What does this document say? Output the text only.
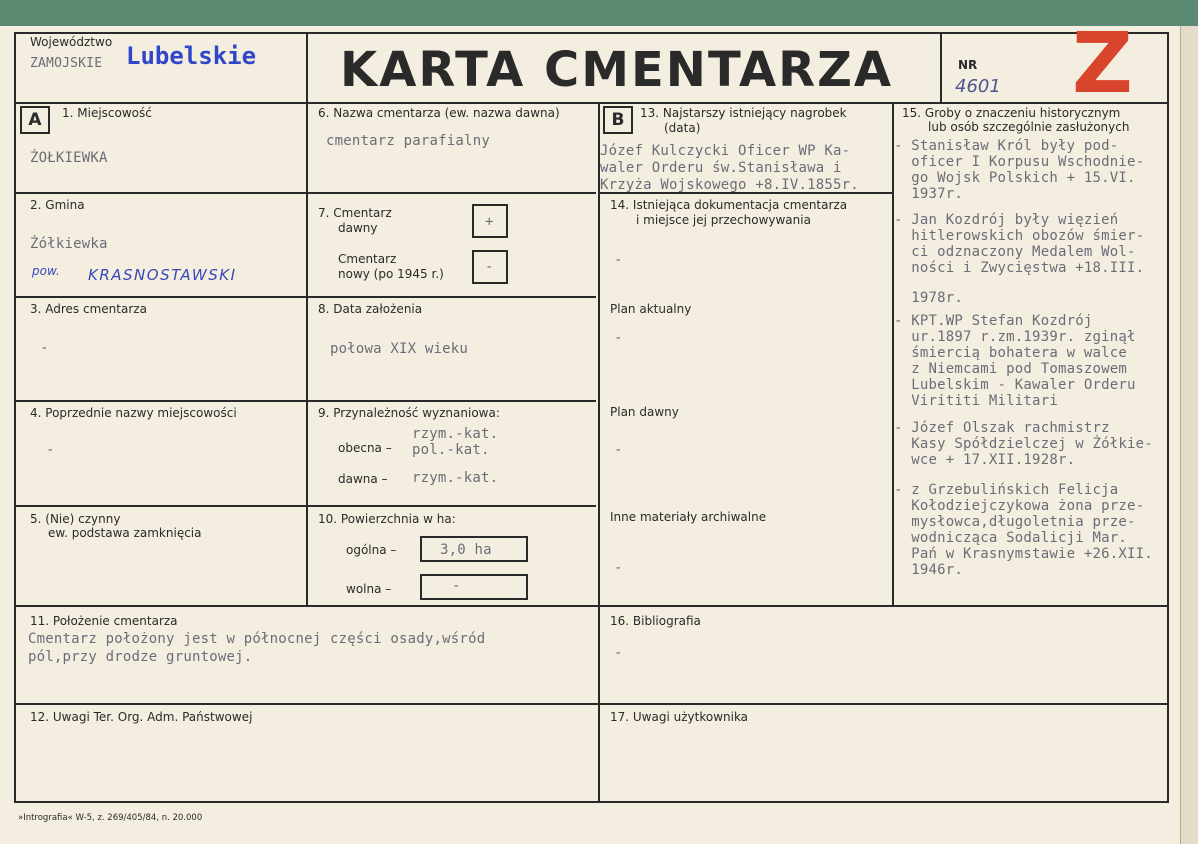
Województwo
ZAMOJSKIE Lubelskie KARTA CMENTARZA	NR
4601 Z
A	1. Miejscowość
ŻOŁKIEWKA
2. Gmina
Żółkiewka
pow. KRASNOSTAWSKI
3. Adres cmentarza
-
4. Poprzednie nazwy miejscowości
-
5. (Nie) czynny
ew. podstawa zamknięcia
11. Położenie cmentarza
Cmentarz położony jest w północnej części osady,wśród
pól,przy drodze gruntowej.
12. Uwagi Ter. Org. Adm. Państwowej
6. Nazwa cmentarza (ew. nazwa dawna)
cmentarz parafialny
7. Cmentarz
dawny	+
Cmentarz
nowy (po 1945 r.)	-
8. Data założenia
połowa XIX wieku
9. Przynależność wyznaniowa:
obecna –
rzym.-kat.
pol.-kat.
dawna – rzym.-kat.
10. Powierzchnia w ha:
ogólna –	3,0 ha
wolna –	-
B	13. Najstarszy istniejący nagrobek
(data)
Józef Kulczycki Oficer WP Ka-
waler Orderu św.Stanisława i
Krzyża Wojskowego +8.IV.1855r.
14. Istniejąca dokumentacja cmentarza
i miejsce jej przechowywania
-
Plan aktualny
-
Plan dawny
-
Inne materiały archiwalne
-
15. Groby o znaczeniu historycznym
lub osób szczególnie zasłużonych
- Stanisław Król były pod-
oficer I Korpusu Wschodnie-
go Wojsk Polskich + 15.VI.
1937r.
- Jan Kozdrój były więzień
hitlerowskich obozów śmier-
ci odznaczony Medalem Wol-
ności i Zwycięstwa +18.III.
1978r.
- KPT.WP Stefan Kozdrój
ur.1897 r.zm.1939r. zginął
śmiercią bohatera w walce
z Niemcami pod Tomaszowem
Lubelskim - Kawaler Orderu
Virititi Militari
- Józef Olszak rachmistrz
Kasy Spółdzielczej w Żółkie-
wce + 17.XII.1928r.
- z Grzebulińskich Felicja
Kołodziejczykowa żona prze-
mysłowca,długoletnia prze-
wodnicząca Sodalicji Mar.
Pań w Krasnymstawie +26.XII.
1946r.
16. Bibliografia
-
17. Uwagi użytkownika
»Intrografia« W-5, z. 269/405/84, n. 20.000
